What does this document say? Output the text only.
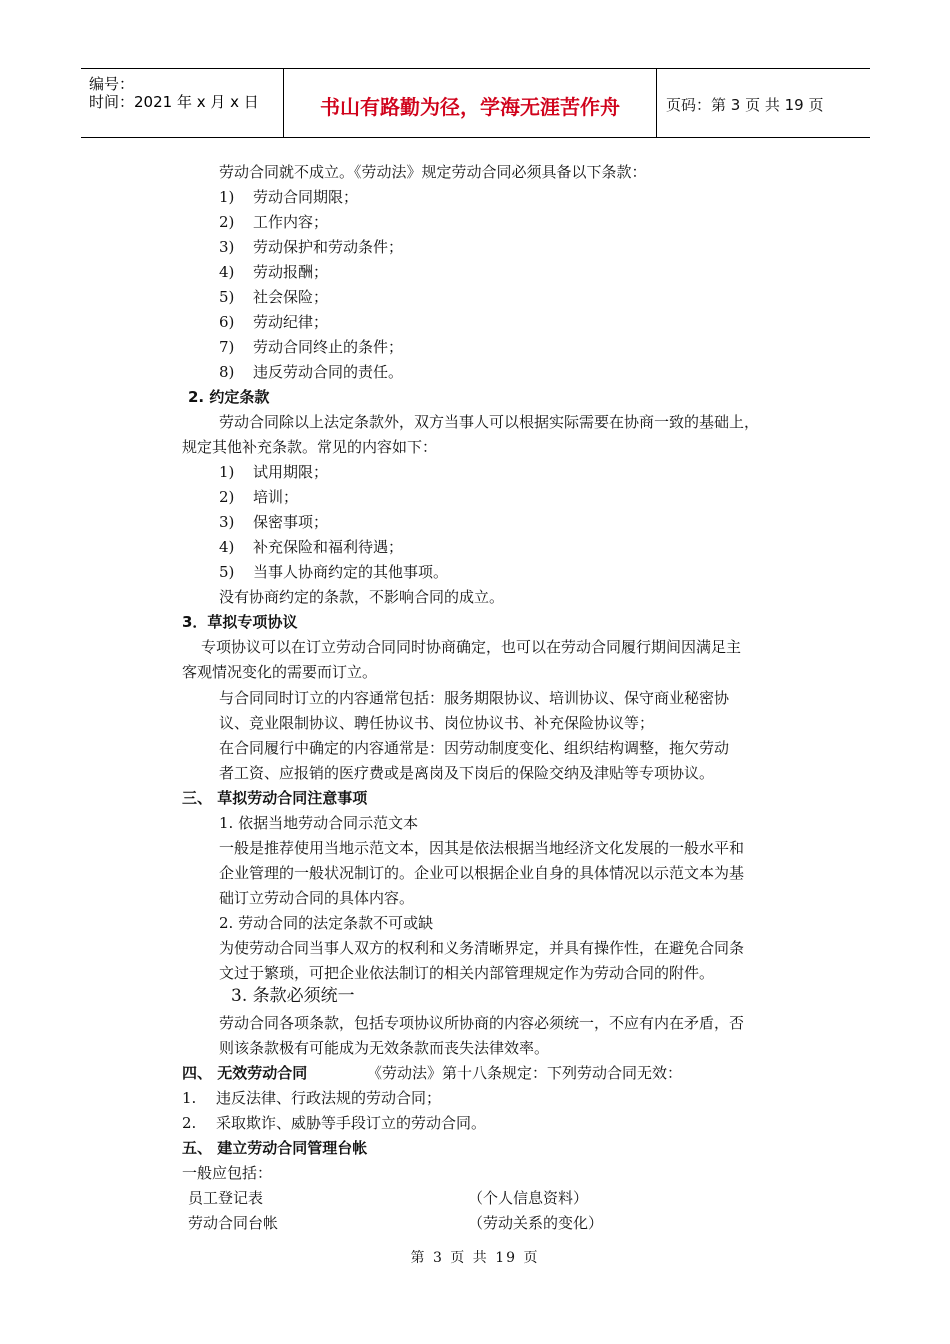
编号：
时间：2021 年 x 月 x 日	书山有路勤为径，学海无涯苦作舟	页码：第 3 页 共 19 页
劳动合同就不成立。《劳动法》规定劳动合同必须具备以下条款：
1) 劳动合同期限；
2) 工作内容；
3) 劳动保护和劳动条件；
4) 劳动报酬；
5) 社会保险；
6) 劳动纪律；
7) 劳动合同终止的条件；
8) 违反劳动合同的责任。
2. 约定条款
劳动合同除以上法定条款外，双方当事人可以根据实际需要在协商一致的基础上，
规定其他补充条款。常见的内容如下：
1) 试用期限；
2) 培训；
3) 保密事项；
4) 补充保险和福利待遇；
5) 当事人协商约定的其他事项。
没有协商约定的条款，不影响合同的成立。
3．草拟专项协议
专项协议可以在订立劳动合同同时协商确定，也可以在劳动合同履行期间因满足主
客观情况变化的需要而订立。
与合同同时订立的内容通常包括：服务期限协议、培训协议、保守商业秘密协
议、竞业限制协议、聘任协议书、岗位协议书、补充保险协议等；
在合同履行中确定的内容通常是：因劳动制度变化、组织结构调整，拖欠劳动
者工资、应报销的医疗费或是离岗及下岗后的保险交纳及津贴等专项协议。
三、 草拟劳动合同注意事项
1. 依据当地劳动合同示范文本
一般是推荐使用当地示范文本，因其是依法根据当地经济文化发展的一般水平和
企业管理的一般状况制订的。企业可以根据企业自身的具体情况以示范文本为基
础订立劳动合同的具体内容。
2. 劳动合同的法定条款不可或缺
为使劳动合同当事人双方的权利和义务清晰界定，并具有操作性，在避免合同条
文过于繁琐，可把企业依法制订的相关内部管理规定作为劳动合同的附件。
3. 条款必须统一
劳动合同各项条款，包括专项协议所协商的内容必须统一，不应有内在矛盾，否
则该条款极有可能成为无效条款而丧失法律效率。
四、 无效劳动合同	《劳动法》第十八条规定：下列劳动合同无效：
1. 违反法律、行政法规的劳动合同；
2. 采取欺诈、威胁等手段订立的劳动合同。
五、 建立劳动合同管理台帐
一般应包括：
员工登记表	（个人信息资料）
劳动合同台帐	（劳动关系的变化）
第 3 页 共 19 页
